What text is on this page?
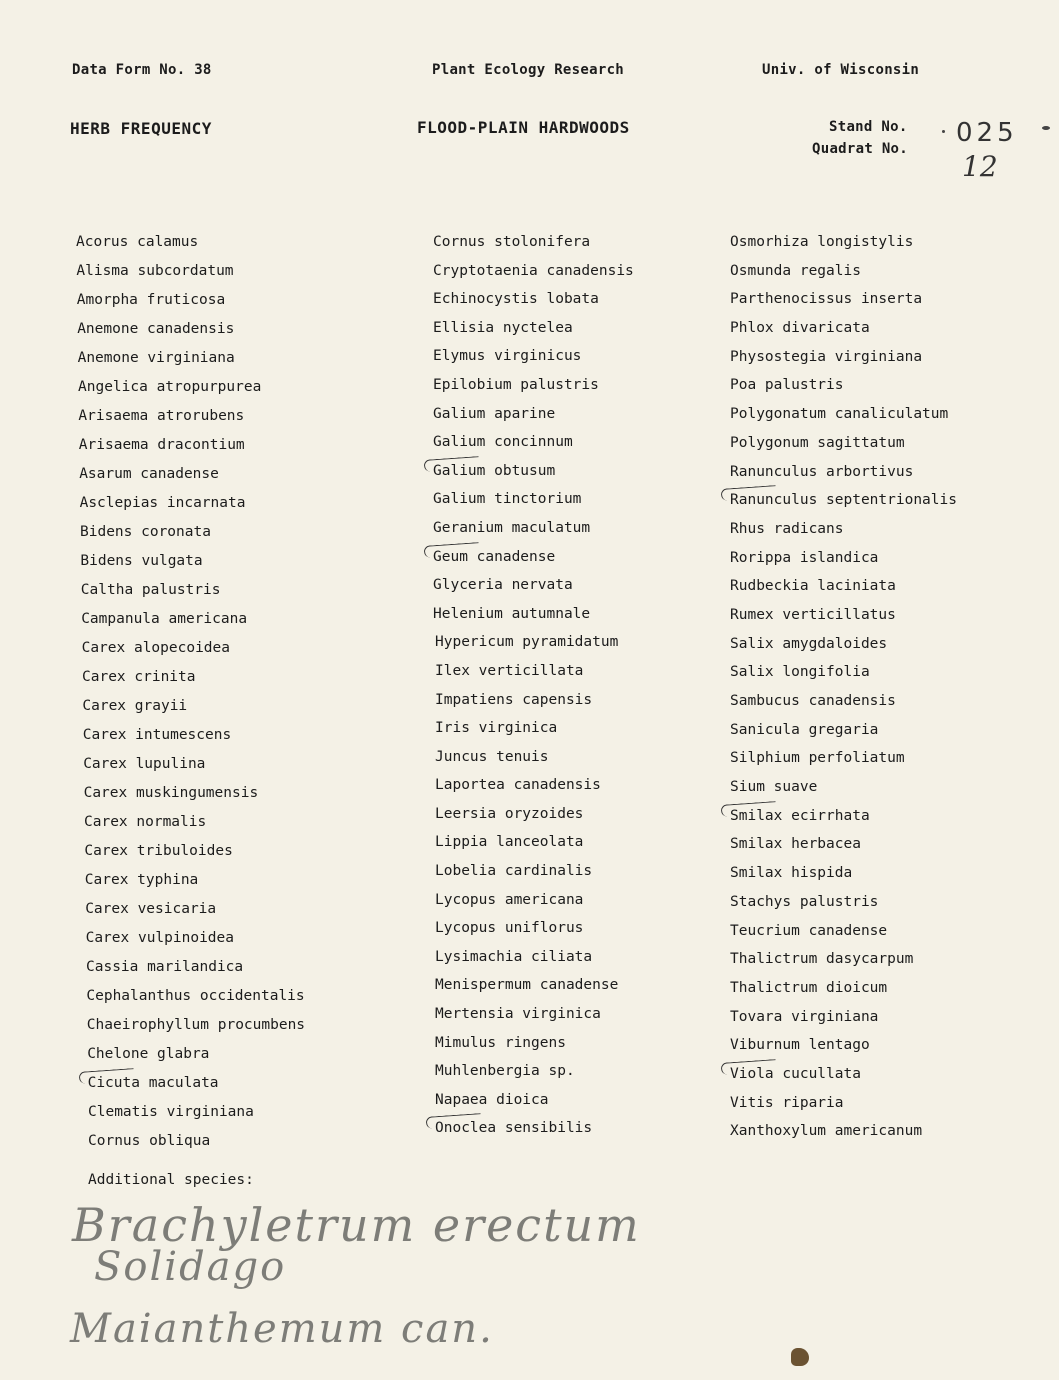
Data Form No. 38	Plant Ecology Research	Univ. of Wisconsin
HERB FREQUENCY	FLOOD-PLAIN HARDWOODS	Stand No.
Quadrat No.
025
12
Acorus calamus
Alisma subcordatum
Amorpha fruticosa
Anemone canadensis
Anemone virginiana
Angelica atropurpurea
Arisaema atrorubens
Arisaema dracontium
Asarum canadense
Asclepias incarnata
Bidens coronata
Bidens vulgata
Caltha palustris
Campanula americana
Carex alopecoidea
Carex crinita
Carex grayii
Carex intumescens
Carex lupulina
Carex muskingumensis
Carex normalis
Carex tribuloides
Carex typhina
Carex vesicaria
Carex vulpinoidea
Cassia marilandica
Cephalanthus occidentalis
Chaeirophyllum procumbens
Chelone glabra
Cicuta maculata
Clematis virginiana
Cornus obliqua
Cornus stolonifera
Cryptotaenia canadensis
Echinocystis lobata
Ellisia nyctelea
Elymus virginicus
Epilobium palustris
Galium aparine
Galium concinnum
Galium obtusum
Galium tinctorium
Geranium maculatum
Geum canadense
Glyceria nervata
Helenium autumnale
Hypericum pyramidatum
Ilex verticillata
Impatiens capensis
Iris virginica
Juncus tenuis
Laportea canadensis
Leersia oryzoides
Lippia lanceolata
Lobelia cardinalis
Lycopus americana
Lycopus uniflorus
Lysimachia ciliata
Menispermum canadense
Mertensia virginica
Mimulus ringens
Muhlenbergia sp.
Napaea dioica
Onoclea sensibilis
Osmorhiza longistylis
Osmunda regalis
Parthenocissus inserta
Phlox divaricata
Physostegia virginiana
Poa palustris
Polygonatum canaliculatum
Polygonum sagittatum
Ranunculus arbortivus
Ranunculus septentrionalis
Rhus radicans
Rorippa islandica
Rudbeckia laciniata
Rumex verticillatus
Salix amygdaloides
Salix longifolia
Sambucus canadensis
Sanicula gregaria
Silphium perfoliatum
Sium suave
Smilax ecirrhata
Smilax herbacea
Smilax hispida
Stachys palustris
Teucrium canadense
Thalictrum dasycarpum
Thalictrum dioicum
Tovara virginiana
Viburnum lentago
Viola cucullata
Vitis riparia
Xanthoxylum americanum
Additional species:
Brachyletrum erectum
Solidago
Maianthemum can.
